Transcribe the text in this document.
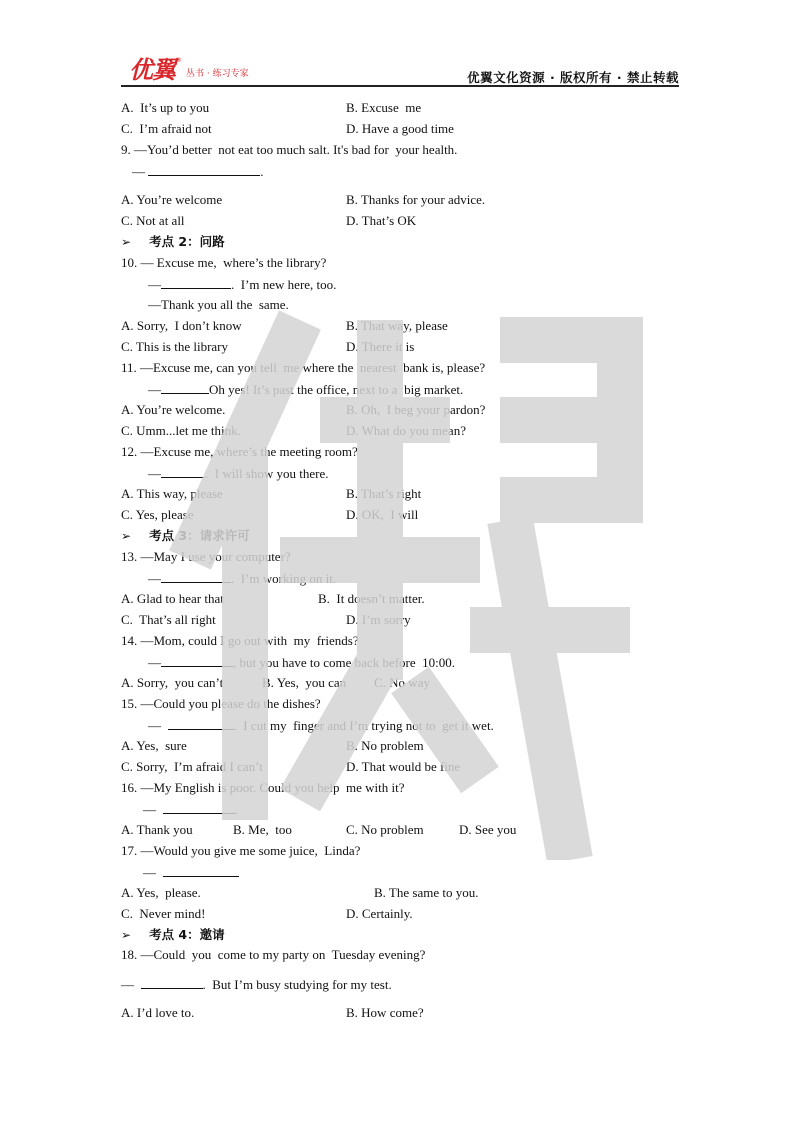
优翼 ®
丛书 · 练习专家	优翼文化资源 · 版权所有 · 禁止转载
A.  It’s up to you	B. Excuse  me
C.  I’m afraid not	D. Have a good time
9. —You’d better  not eat too much salt. It's bad for  your health.
—	.
A. You’re welcome	B. Thanks for your advice.
C. Not at all	D. That’s OK
➢ 考点 2：问路
10. — Excuse me,  where’s the library?
—	.  I’m new here, too.
—Thank you all the  same.
A. Sorry,  I don’t know	B. That way, please
C. This is the library	D. There it is
11. —Excuse me, can you tell  me where the  nearest  bank is, please?
—	Oh yes! It’s past the office, next to a  big market.
A. You’re welcome.	B. Oh,  I beg your pardon?
C. Umm...let me think.	D. What do you mean?
12. —Excuse me, where’s the meeting room?
—	.  I will show you there.
A. This way, please	B. That’s right
C. Yes, please	D. OK,  I will
➢ 考点 3：请求许可
13. —May I use your computer?
—	.  I’m working on it.
A. Glad to hear that	B.  It doesn’t matter.
C.  That’s all right	D. I’m sorry
14. —Mom, could I go out with  my  friends?
—	, but you have to come back before  10:00.
A. Sorry,  you can’t	B. Yes,  you can C. No way
15. —Could you please do the dishes?
—	.  I cut my  finger and I’m trying not to  get it wet.
A. Yes,  sure	B. No problem
C. Sorry,  I’m afraid I can’t	D. That would be fine
16. —My English is poor. Could you help  me with it?
—	.
A. Thank you	B. Me,  too	C. No problem	D. See you
17. —Would you give me some juice,  Linda?
—
A. Yes,  please.	B. The same to you.
C.  Never mind!	D. Certainly.
➢ 考点 4：邀请
18. —Could  you  come to my party on  Tuesday evening?
—	.  But I’m busy studying for my test.
A. I’d love to.	B. How come?
